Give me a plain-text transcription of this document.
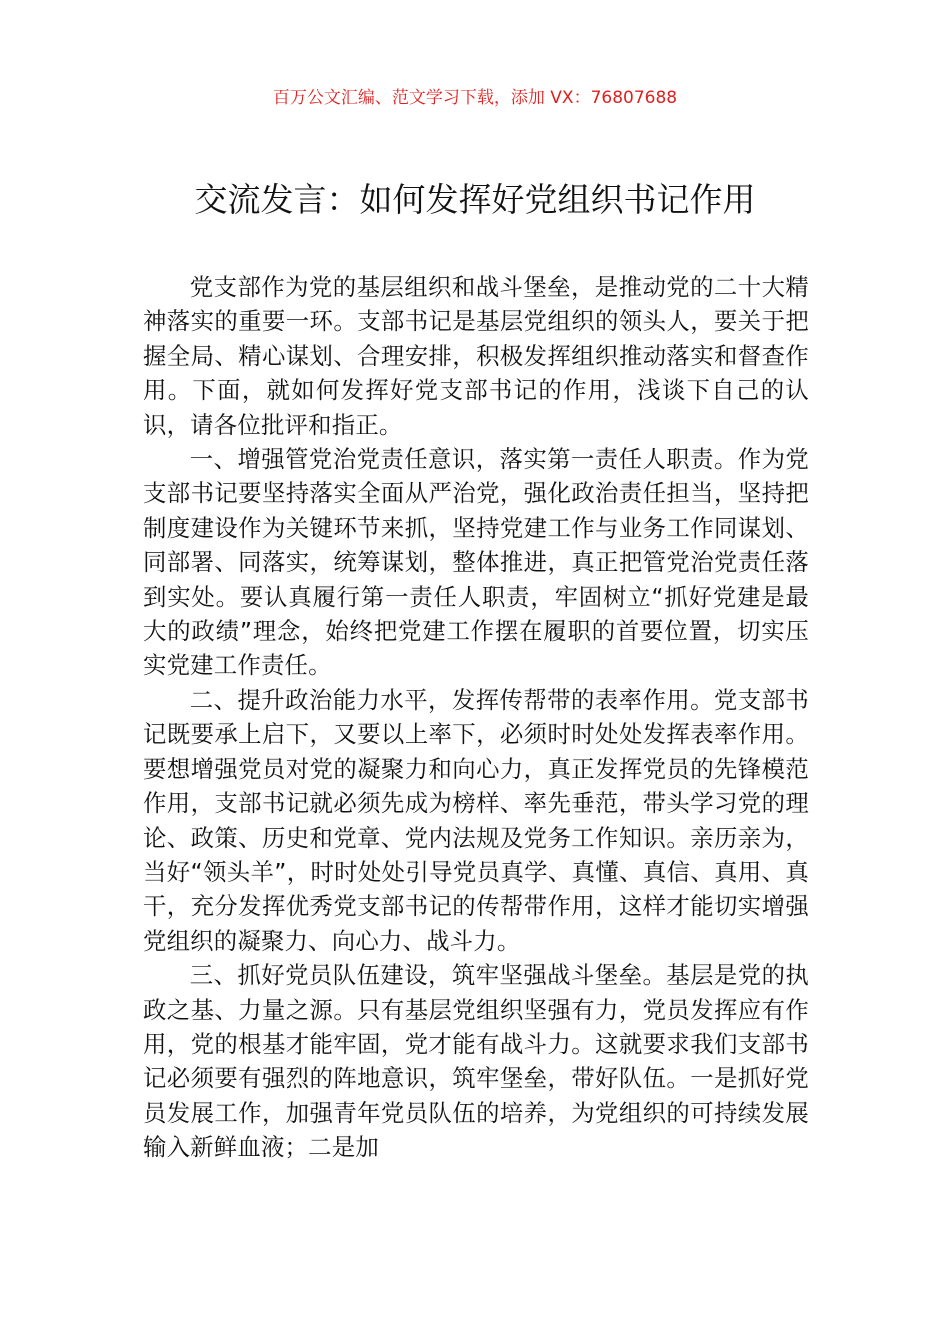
百万公文汇编、范文学习下载，添加 VX：76807688
交流发言：如何发挥好党组织书记作用

党支部作为党的基层组织和战斗堡垒，是推动党的二十大精神落实的重要一环。支部书记是基层党组织的领头人，要关于把握全局、精心谋划、合理安排，积极发挥组织推动落实和督查作用。下面，就如何发挥好党支部书记的作用，浅谈下自己的认识，请各位批评和指正。

一、增强管党治党责任意识，落实第一责任人职责。作为党支部书记要坚持落实全面从严治党，强化政治责任担当，坚持把制度建设作为关键环节来抓，坚持党建工作与业务工作同谋划、同部署、同落实，统筹谋划，整体推进，真正把管党治党责任落到实处。要认真履行第一责任人职责，牢固树立“抓好党建是最大的政绩”理念，始终把党建工作摆在履职的首要位置，切实压实党建工作责任。

二、提升政治能力水平，发挥传帮带的表率作用。党支部书记既要承上启下，又要以上率下，必须时时处处发挥表率作用。要想增强党员对党的凝聚力和向心力，真正发挥党员的先锋模范作用，支部书记就必须先成为榜样、率先垂范，带头学习党的理论、政策、历史和党章、党内法规及党务工作知识。亲历亲为，当好“领头羊”，时时处处引导党员真学、真懂、真信、真用、真干，充分发挥优秀党支部书记的传帮带作用，这样才能切实增强党组织的凝聚力、向心力、战斗力。

三、抓好党员队伍建设，筑牢坚强战斗堡垒。基层是党的执政之基、力量之源。只有基层党组织坚强有力，党员发挥应有作用，党的根基才能牢固，党才能有战斗力。这就要求我们支部书记必须要有强烈的阵地意识，筑牢堡垒，带好队伍。一是抓好党员发展工作，加强青年党员队伍的培养，为党组织的可持续发展输入新鲜血液；二是加
